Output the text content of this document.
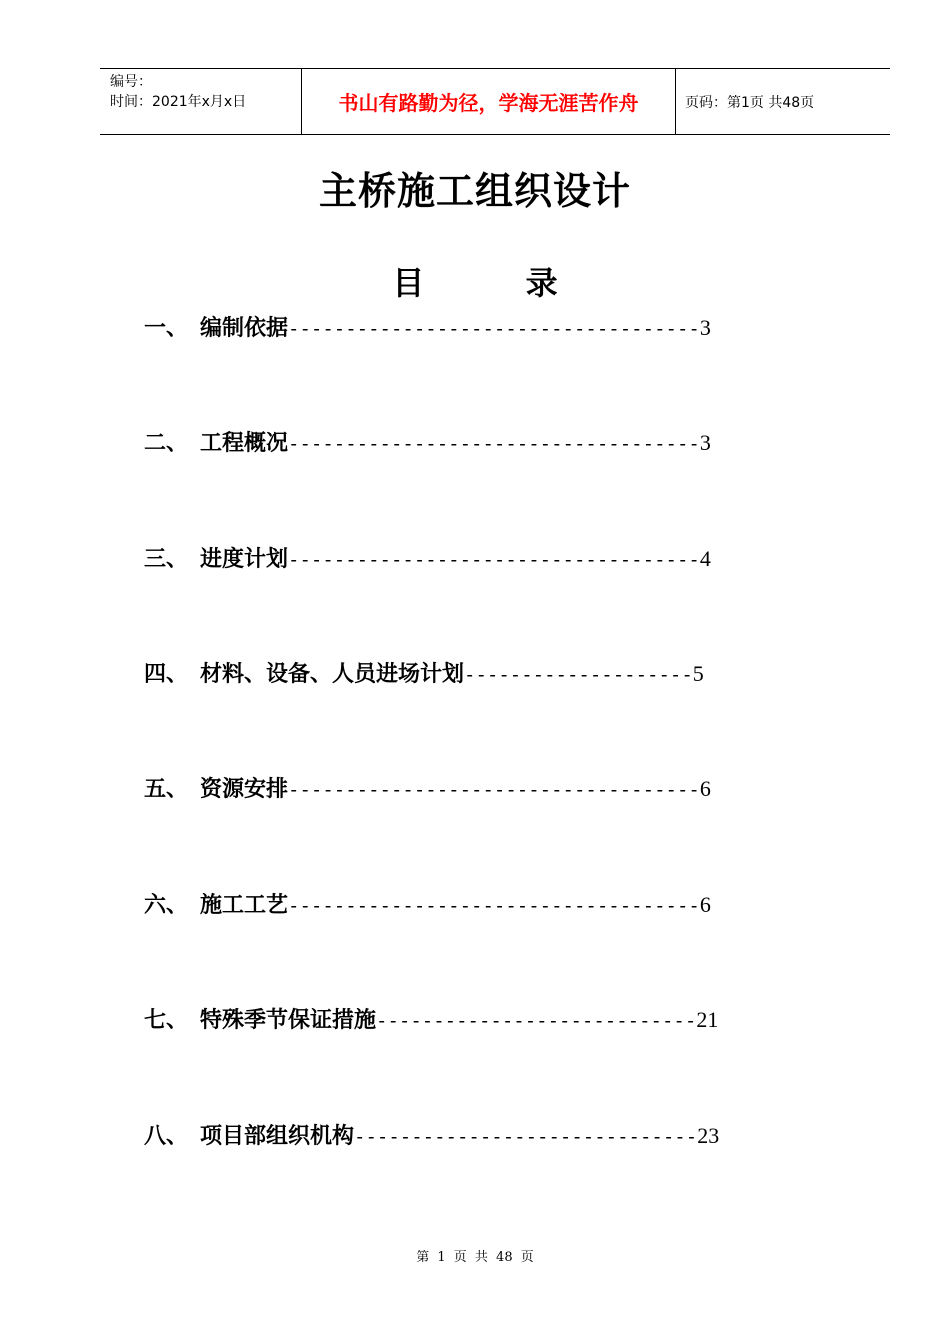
编号：
时间：2021年x月x日	书山有路勤为径，学海无涯苦作舟	页码：第1页 共48页
主桥施工组织设计
目 录
一、 编制依据------------------------------------3
二、 工程概况------------------------------------3
三、 进度计划------------------------------------4
四、 材料、设备、人员进场计划--------------------5
五、 资源安排------------------------------------6
六、 施工工艺------------------------------------6
七、 特殊季节保证措施----------------------------21
八、 项目部组织机构------------------------------23
第 1 页 共 48 页
